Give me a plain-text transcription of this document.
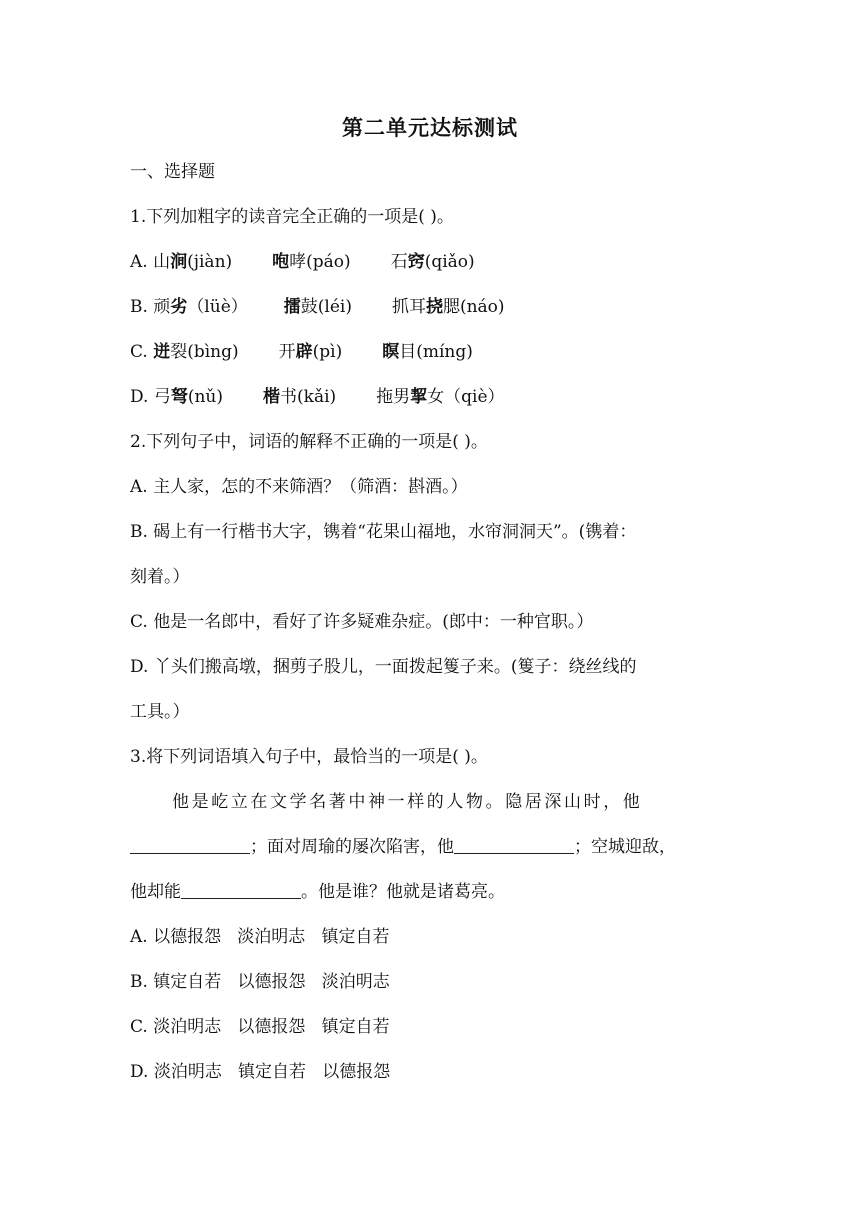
第二单元达标测试
一、选择题
1.下列加粗字的读音完全正确的一项是( )。
A. 山涧(jiàn) 咆哮(páo) 石窍(qiǎo)
B. 顽劣（lüè） 擂鼓(léi) 抓耳挠腮(náo)
C. 迸裂(bìng) 开辟(pì) 瞑目(míng)
D. 弓弩(nǔ) 楷书(kǎi) 拖男挈女（qiè）
2.下列句子中，词语的解释不正确的一项是( )。
A. 主人家，怎的不来筛酒？（筛酒：斟酒。）
B. 碣上有一行楷书大字，镌着“花果山福地，水帘洞洞天”。(镌着：
刻着。）
C. 他是一名郎中，看好了许多疑难杂症。(郎中：一种官职。）
D. 丫头们搬高墩，捆剪子股儿，一面拨起篗子来。(篗子：绕丝线的
工具。）
3.将下列词语填入句子中，最恰当的一项是( )。
他是屹立在文学名著中神一样的人物。隐居深山时，他
；面对周瑜的屡次陷害，他	；空城迎敌，
他却能	。他是谁？他就是诸葛亮。
A. 以德报怨   淡泊明志   镇定自若
B. 镇定自若   以德报怨   淡泊明志
C. 淡泊明志   以德报怨   镇定自若
D. 淡泊明志   镇定自若   以德报怨
